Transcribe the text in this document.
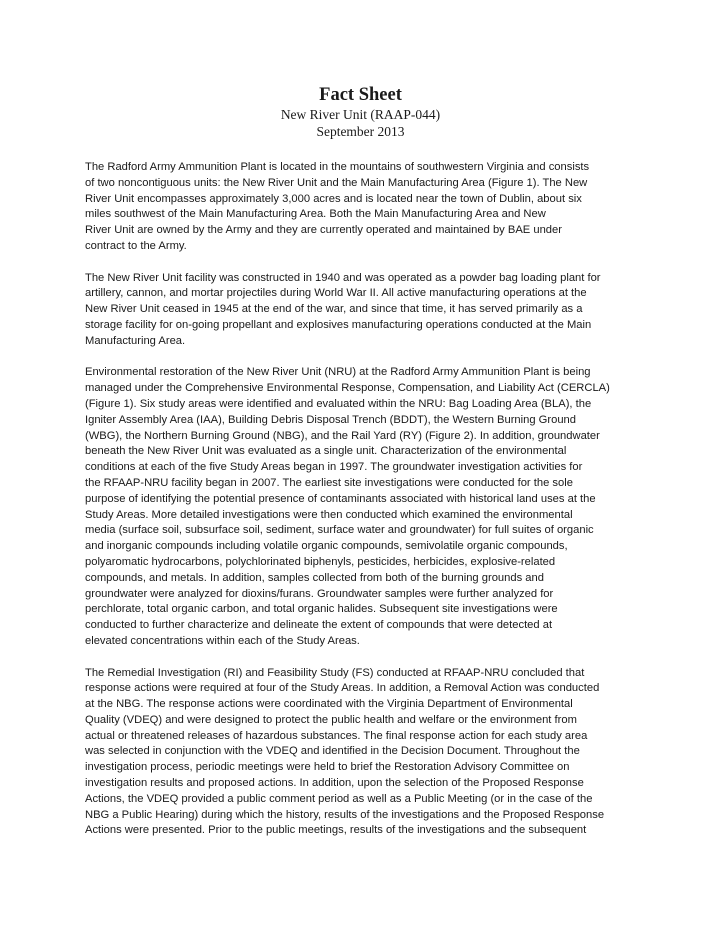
Fact Sheet

New River Unit (RAAP-044)

September 2013

The Radford Army Ammunition Plant is located in the mountains of southwestern Virginia and consists
of two noncontiguous units: the New River Unit and the Main Manufacturing Area (Figure 1). The New
River Unit encompasses approximately 3,000 acres and is located near the town of Dublin, about six
miles southwest of the Main Manufacturing Area. Both the Main Manufacturing Area and New
River Unit are owned by the Army and they are currently operated and maintained by BAE under
contract to the Army.

The New River Unit facility was constructed in 1940 and was operated as a powder bag loading plant for
artillery, cannon, and mortar projectiles during World War II. All active manufacturing operations at the
New River Unit ceased in 1945 at the end of the war, and since that time, it has served primarily as a
storage facility for on-going propellant and explosives manufacturing operations conducted at the Main
Manufacturing Area.

Environmental restoration of the New River Unit (NRU) at the Radford Army Ammunition Plant is being
managed under the Comprehensive Environmental Response, Compensation, and Liability Act (CERCLA)
(Figure 1). Six study areas were identified and evaluated within the NRU: Bag Loading Area (BLA), the
Igniter Assembly Area (IAA), Building Debris Disposal Trench (BDDT), the Western Burning Ground
(WBG), the Northern Burning Ground (NBG), and the Rail Yard (RY) (Figure 2). In addition, groundwater
beneath the New River Unit was evaluated as a single unit. Characterization of the environmental
conditions at each of the five Study Areas began in 1997. The groundwater investigation activities for
the RFAAP-NRU facility began in 2007. The earliest site investigations were conducted for the sole
purpose of identifying the potential presence of contaminants associated with historical land uses at the
Study Areas. More detailed investigations were then conducted which examined the environmental
media (surface soil, subsurface soil, sediment, surface water and groundwater) for full suites of organic
and inorganic compounds including volatile organic compounds, semivolatile organic compounds,
polyaromatic hydrocarbons, polychlorinated biphenyls, pesticides, herbicides, explosive-related
compounds, and metals. In addition, samples collected from both of the burning grounds and
groundwater were analyzed for dioxins/furans. Groundwater samples were further analyzed for
perchlorate, total organic carbon, and total organic halides. Subsequent site investigations were
conducted to further characterize and delineate the extent of compounds that were detected at
elevated concentrations within each of the Study Areas.

The Remedial Investigation (RI) and Feasibility Study (FS) conducted at RFAAP-NRU concluded that
response actions were required at four of the Study Areas. In addition, a Removal Action was conducted
at the NBG. The response actions were coordinated with the Virginia Department of Environmental
Quality (VDEQ) and were designed to protect the public health and welfare or the environment from
actual or threatened releases of hazardous substances. The final response action for each study area
was selected in conjunction with the VDEQ and identified in the Decision Document. Throughout the
investigation process, periodic meetings were held to brief the Restoration Advisory Committee on
investigation results and proposed actions. In addition, upon the selection of the Proposed Response
Actions, the VDEQ provided a public comment period as well as a Public Meeting (or in the case of the
NBG a Public Hearing) during which the history, results of the investigations and the Proposed Response
Actions were presented. Prior to the public meetings, results of the investigations and the subsequent
